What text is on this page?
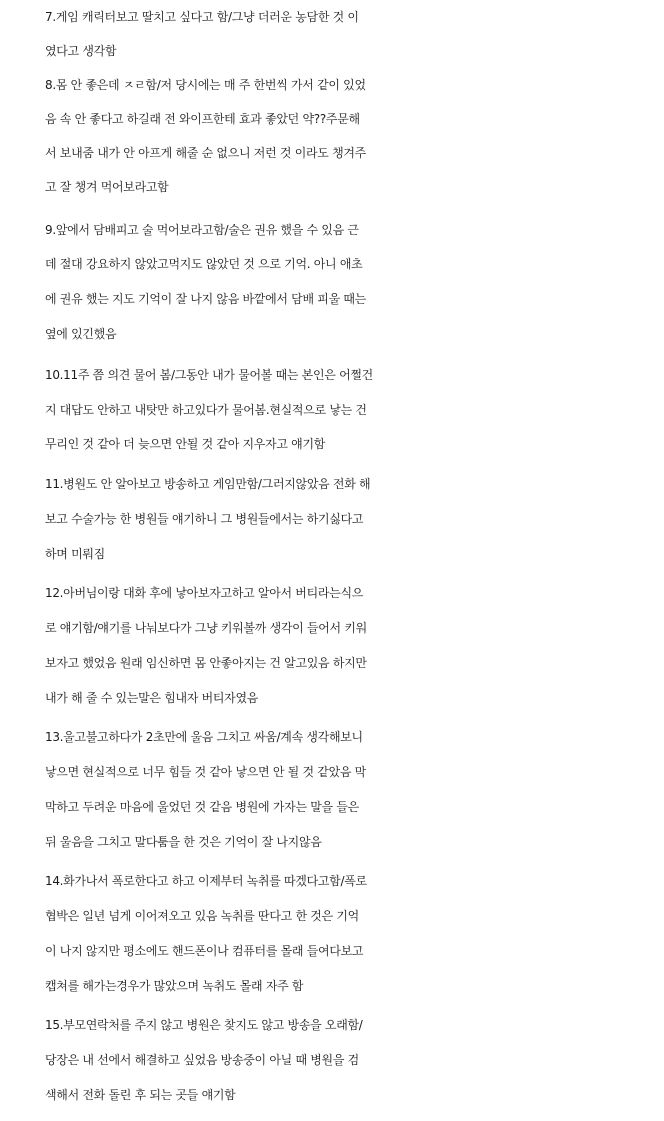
7.게임 캐릭터보고 딸치고 싶다고 함/그냥 더러운 농담한 것 이
였다고 생각함
8.몸 안 좋은데 ㅈㄹ함/저 당시에는 매 주 한번씩 가서 같이 있었
음 속 안 좋다고 하길래 전 와이프한테 효과 좋았던 약??주문해
서 보내줌 내가 안 아프게 해줄 순 없으니 저런 것 이라도 챙겨주
고 잘 챙겨 먹어보라고함
9.앞에서 담배피고 술 먹어보라고함/술은 권유 했을 수 있음 근
데 절대 강요하지 않았고먹지도 않았던 것 으로 기억. 아니 애초
에 권유 했는 지도 기억이 잘 나지 않음 바깥에서 담배 피울 때는
옆에 있긴했음
10.11주 쯤 의견 물어 봄/그동안 내가 물어볼 때는 본인은 어쩔건
지 대답도 안하고 내탓만 하고있다가 물어봄.현실적으로 낳는 건
무리인 것 같아 더 늦으면 안될 것 같아 지우자고 얘기함
11.병원도 안 알아보고 방송하고 게임만함/그러지않았음 전화 해
보고 수술가능 한 병원들 얘기하니 그 병원들에서는 하기싫다고
하며 미뤄짐
12.아버님이랑 대화 후에 낳아보자고하고 알아서 버티라는식으
로 얘기함/얘기를 나눠보다가 그냥 키워볼까 생각이 들어서 키워
보자고 했었음 원래 임신하면 몸 안좋아지는 건 알고있음 하지만
내가 해 줄 수 있는말은 힘내자 버티자였음
13.울고불고하다가 2초만에 울음 그치고 싸움/계속 생각해보니
낳으면 현실적으로 너무 힘들 것 같아 낳으면 안 될 것 같았음 막
막하고 두려운 마음에 울었던 것 같음 병원에 가자는 말을 들은
뒤 울음을 그치고 말다툼을 한 것은 기억이 잘 나지않음
14.화가나서 폭로한다고 하고 이제부터 녹취를 따겠다고함/폭로
협박은 일년 넘게 이어져오고 있음 녹취를 딴다고 한 것은 기억
이 나지 않지만 평소에도 핸드폰이나 컴퓨터를 몰래 들여다보고
캡쳐를 해가는경우가 많았으며 녹취도 몰래 자주 함
15.부모연락처를 주지 않고 병원은 찾지도 않고 방송을 오래함/
당장은 내 선에서 해결하고 싶었음 방송중이 아닐 때 병원을 검
색해서 전화 돌린 후 되는 곳들 얘기함
